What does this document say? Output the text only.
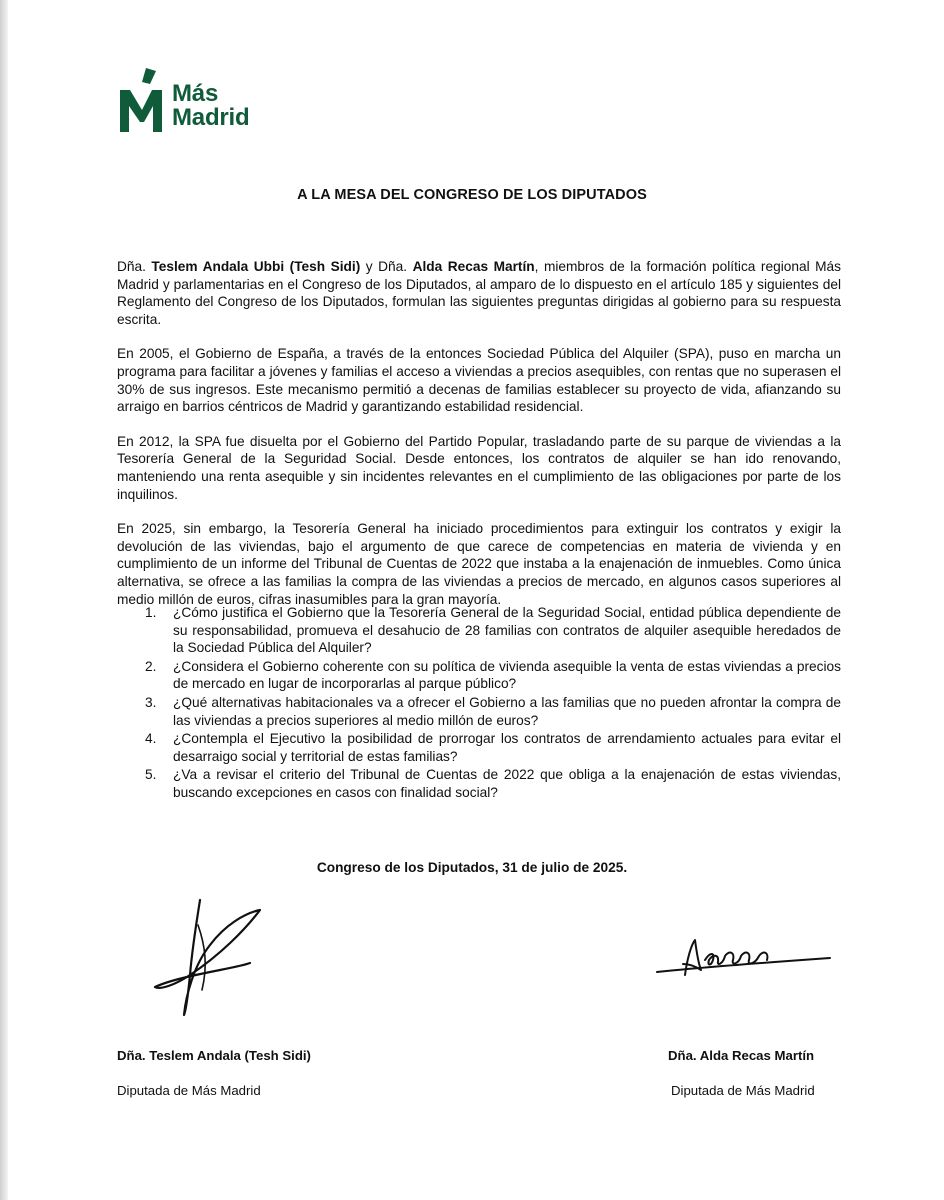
Más
Madrid
A LA MESA DEL CONGRESO DE LOS DIPUTADOS

Dña. Teslem Andala Ubbi (Tesh Sidi) y Dña. Alda Recas Martín, miembros de la formación política regional Más Madrid y parlamentarias en el Congreso de los Diputados, al amparo de lo dispuesto en el artículo 185 y siguientes del Reglamento del Congreso de los Diputados, formulan las siguientes preguntas dirigidas al gobierno para su respuesta escrita.

En 2005, el Gobierno de España, a través de la entonces Sociedad Pública del Alquiler (SPA), puso en marcha un programa para facilitar a jóvenes y familias el acceso a viviendas a precios asequibles, con rentas que no superasen el 30% de sus ingresos. Este mecanismo permitió a decenas de familias establecer su proyecto de vida, afianzando su arraigo en barrios céntricos de Madrid y garantizando estabilidad residencial.

En 2012, la SPA fue disuelta por el Gobierno del Partido Popular, trasladando parte de su parque de viviendas a la Tesorería General de la Seguridad Social. Desde entonces, los contratos de alquiler se han ido renovando, manteniendo una renta asequible y sin incidentes relevantes en el cumplimiento de las obligaciones por parte de los inquilinos.

En 2025, sin embargo, la Tesorería General ha iniciado procedimientos para extinguir los contratos y exigir la devolución de las viviendas, bajo el argumento de que carece de competencias en materia de vivienda y en cumplimiento de un informe del Tribunal de Cuentas de 2022 que instaba a la enajenación de inmuebles. Como única alternativa, se ofrece a las familias la compra de las viviendas a precios de mercado, en algunos casos superiores al medio millón de euros, cifras inasumibles para la gran mayoría.

1. ¿Cómo justifica el Gobierno que la Tesorería General de la Seguridad Social, entidad pública dependiente de su responsabilidad, promueva el desahucio de 28 familias con contratos de alquiler asequible heredados de la Sociedad Pública del Alquiler?
2. ¿Considera el Gobierno coherente con su política de vivienda asequible la venta de estas viviendas a precios de mercado en lugar de incorporarlas al parque público?
3. ¿Qué alternativas habitacionales va a ofrecer el Gobierno a las familias que no pueden afrontar la compra de las viviendas a precios superiores al medio millón de euros?
4. ¿Contempla el Ejecutivo la posibilidad de prorrogar los contratos de arrendamiento actuales para evitar el desarraigo social y territorial de estas familias?
5. ¿Va a revisar el criterio del Tribunal de Cuentas de 2022 que obliga a la enajenación de estas viviendas, buscando excepciones en casos con finalidad social?
Congreso de los Diputados, 31 de julio de 2025.
Dña. Teslem Andala (Tesh Sidi)
Diputada de Más Madrid
Dña. Alda Recas Martín
Diputada de Más Madrid
